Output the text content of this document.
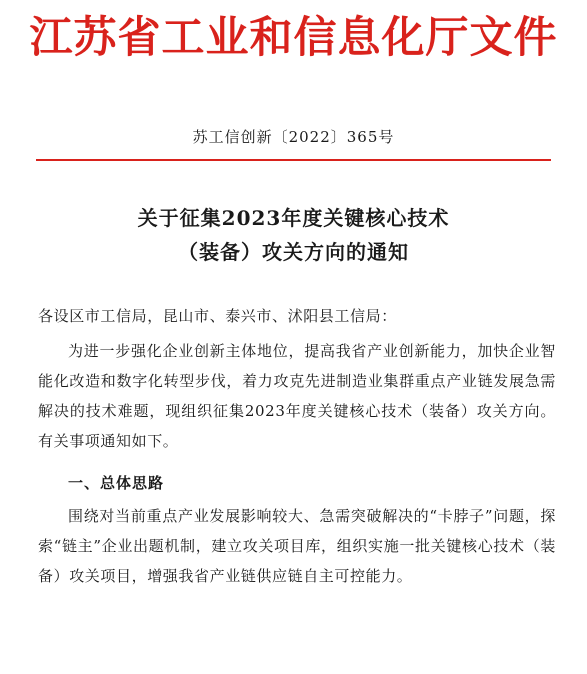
江苏省工业和信息化厅文件
苏工信创新〔2022〕365号
关于征集2023年度关键核心技术
（装备）攻关方向的通知
各设区市工信局，昆山市、泰兴市、沭阳县工信局：
为进一步强化企业创新主体地位，提高我省产业创新能力，加快企业智能化改造和数字化转型步伐，着力攻克先进制造业集群重点产业链发展急需解决的技术难题，现组织征集2023年度关键核心技术（装备）攻关方向。有关事项通知如下。
一、总体思路
围绕对当前重点产业发展影响较大、急需突破解决的“卡脖子”问题，探索“链主”企业出题机制，建立攻关项目库，组织实施一批关键核心技术（装备）攻关项目，增强我省产业链供应链自主可控能力。
